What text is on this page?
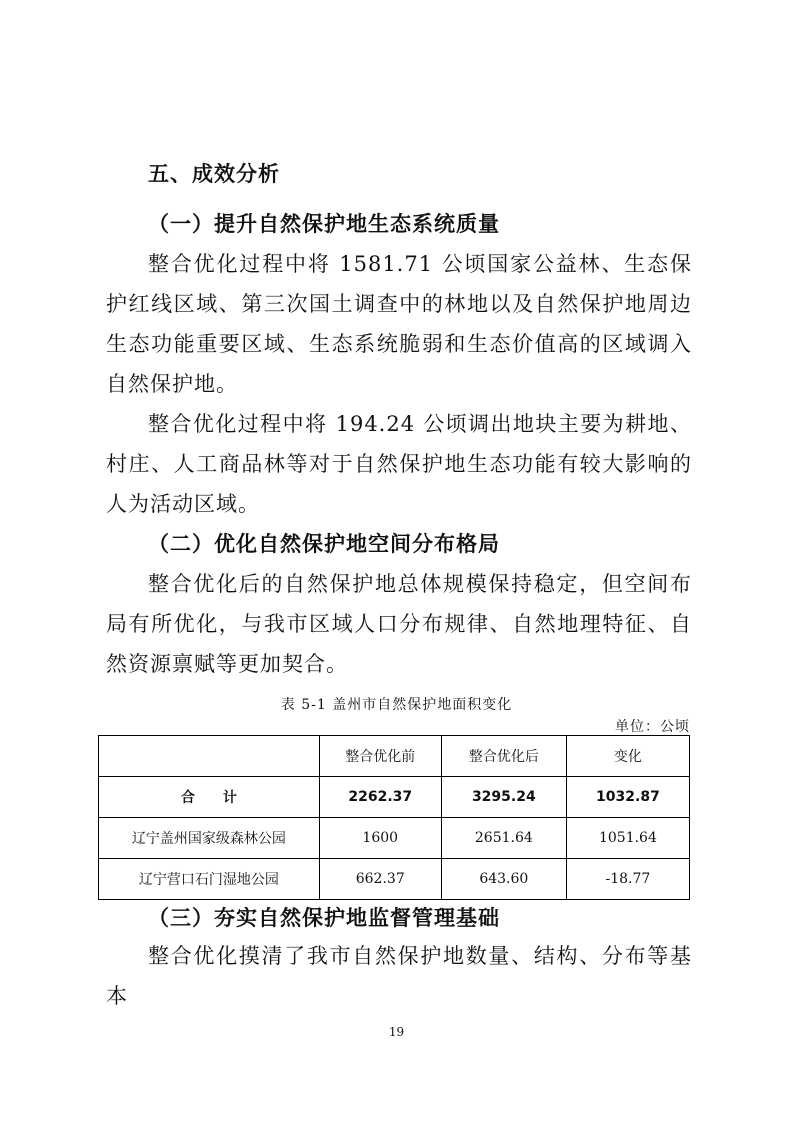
五、成效分析
（一）提升自然保护地生态系统质量
整合优化过程中将 1581.71 公顷国家公益林、生态保护红线区域、第三次国土调查中的林地以及自然保护地周边生态功能重要区域、生态系统脆弱和生态价值高的区域调入自然保护地。
整合优化过程中将 194.24 公顷调出地块主要为耕地、村庄、人工商品林等对于自然保护地生态功能有较大影响的人为活动区域。
（二）优化自然保护地空间分布格局
整合优化后的自然保护地总体规模保持稳定，但空间布局有所优化，与我市区域人口分布规律、自然地理特征、自然资源禀赋等更加契合。
表 5-1 盖州市自然保护地面积变化
单位：公顷
	整合优化前	整合优化后	变化
合计	2262.37	3295.24	1032.87
辽宁盖州国家级森林公园	1600	2651.64	1051.64
辽宁营口石门湿地公园	662.37	643.60	-18.77
（三）夯实自然保护地监督管理基础
整合优化摸清了我市自然保护地数量、结构、分布等基本
19
